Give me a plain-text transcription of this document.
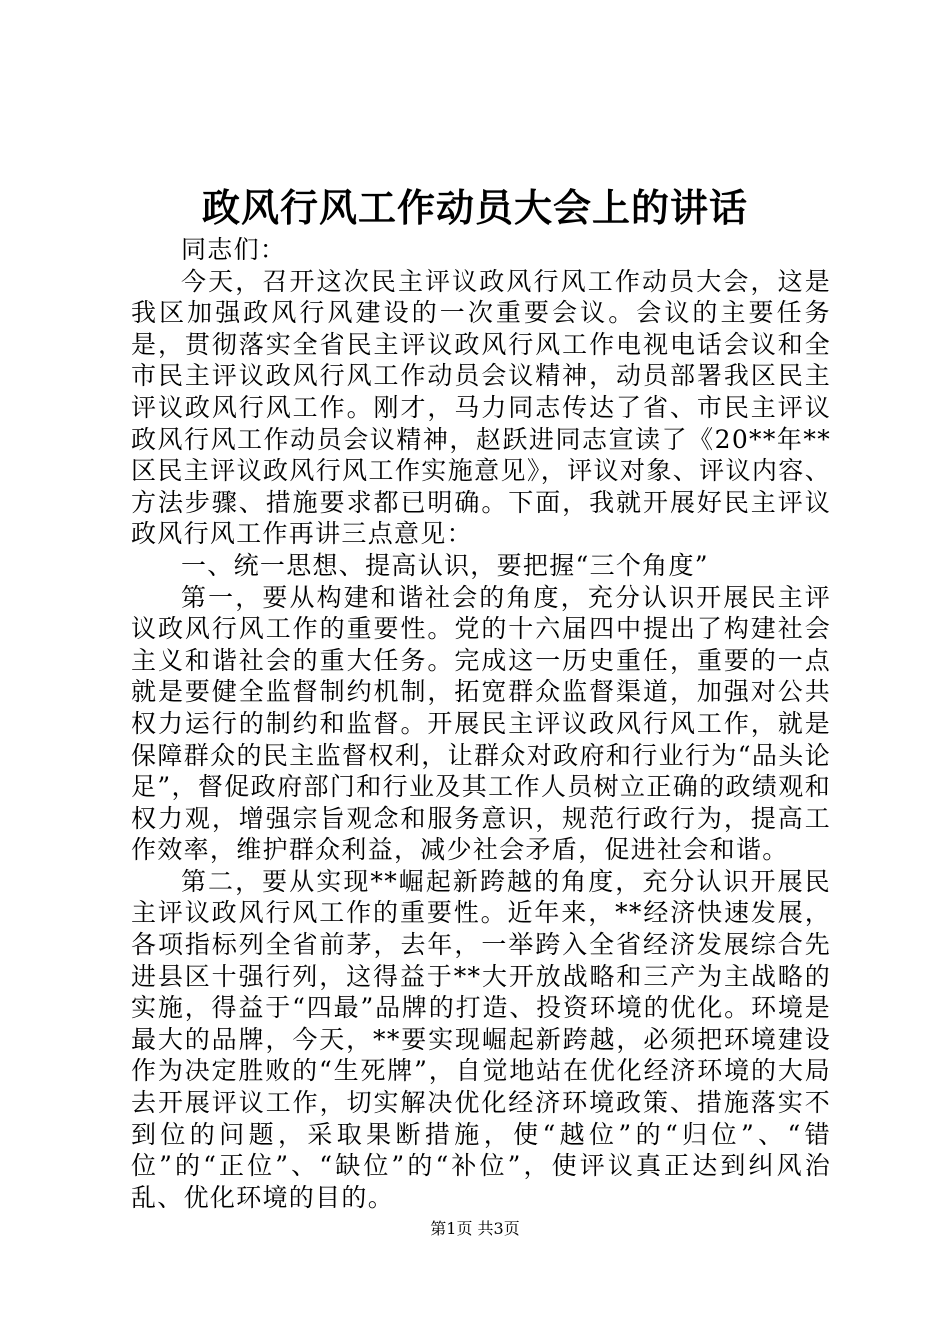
政风行风工作动员大会上的讲话

同志们：

今天，召开这次民主评议政风行风工作动员大会，这是我区加强政风行风建设的一次重要会议。会议的主要任务是，贯彻落实全省民主评议政风行风工作电视电话会议和全市民主评议政风行风工作动员会议精神，动员部署我区民主评议政风行风工作。刚才，马力同志传达了省、市民主评议政风行风工作动员会议精神，赵跃进同志宣读了《20**年**区民主评议政风行风工作实施意见》，评议对象、评议内容、方法步骤、措施要求都已明确。下面，我就开展好民主评议政风行风工作再讲三点意见：

一、统一思想、提高认识，要把握“三个角度”

第一，要从构建和谐社会的角度，充分认识开展民主评议政风行风工作的重要性。党的十六届四中提出了构建社会主义和谐社会的重大任务。完成这一历史重任，重要的一点就是要健全监督制约机制，拓宽群众监督渠道，加强对公共权力运行的制约和监督。开展民主评议政风行风工作，就是保障群众的民主监督权利，让群众对政府和行业行为“品头论足”，督促政府部门和行业及其工作人员树立正确的政绩观和权力观，增强宗旨观念和服务意识，规范行政行为，提高工作效率，维护群众利益，减少社会矛盾，促进社会和谐。

第二，要从实现**崛起新跨越的角度，充分认识开展民主评议政风行风工作的重要性。近年来，**经济快速发展，各项指标列全省前茅，去年，一举跨入全省经济发展综合先进县区十强行列，这得益于**大开放战略和三产为主战略的实施，得益于“四最”品牌的打造、投资环境的优化。环境是最大的品牌，今天，**要实现崛起新跨越，必须把环境建设作为决定胜败的“生死牌”，自觉地站在优化经济环境的大局去开展评议工作，切实解决优化经济环境政策、措施落实不到位的问题，采取果断措施，使“越位”的“归位”、“错位”的“正位”、“缺位”的“补位”，使评议真正达到纠风治乱、优化环境的目的。

第1页 共3页
